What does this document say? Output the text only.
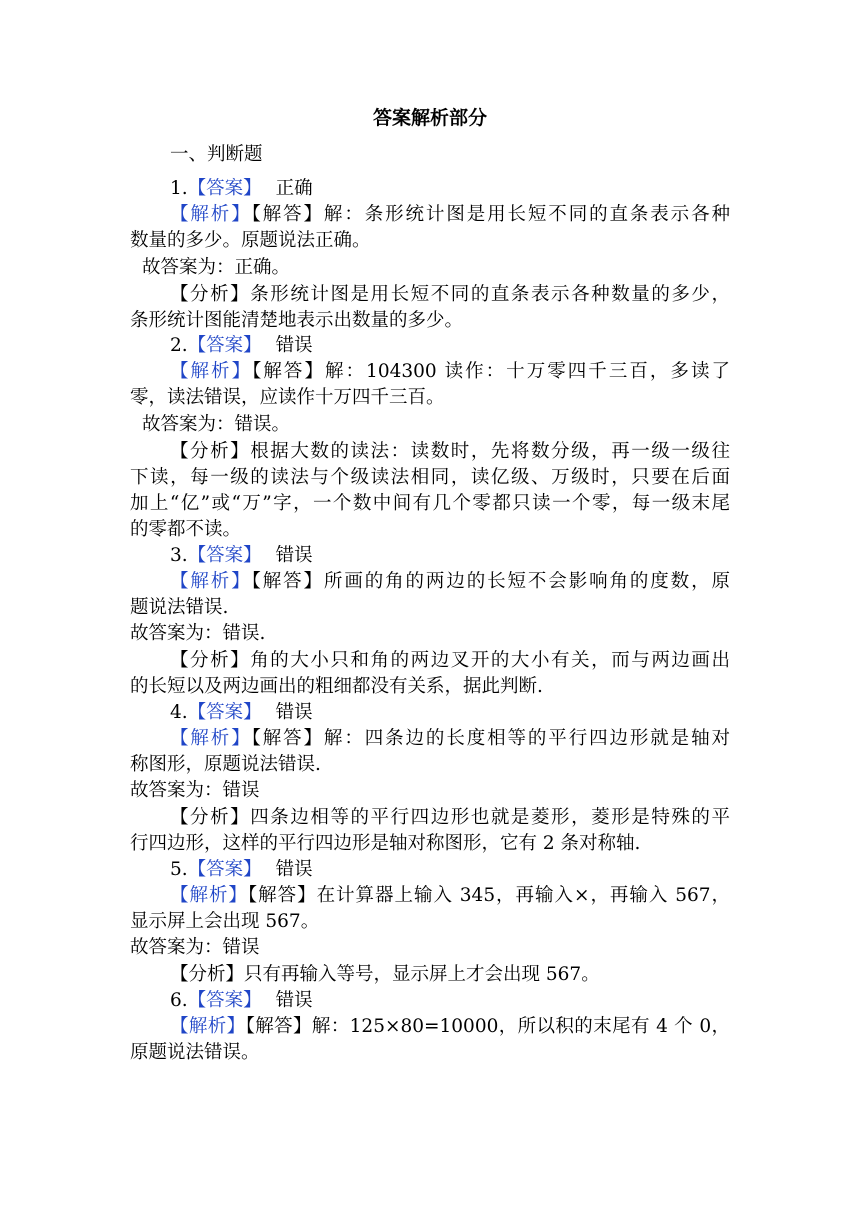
答案解析部分
一、判断题
1.【答案】 正确
【解析】【解答】解：条形统计图是用长短不同的直条表示各种
数量的多少。原题说法正确。
故答案为：正确。
【分析】条形统计图是用长短不同的直条表示各种数量的多少，
条形统计图能清楚地表示出数量的多少。
2.【答案】 错误
【解析】【解答】解：104300 读作：十万零四千三百，多读了
零，读法错误，应读作十万四千三百。
故答案为：错误。
【分析】根据大数的读法：读数时，先将数分级，再一级一级往
下读，每一级的读法与个级读法相同，读亿级、万级时，只要在后面
加上“亿”或“万”字，一个数中间有几个零都只读一个零，每一级末尾
的零都不读。
3.【答案】 错误
【解析】【解答】所画的角的两边的长短不会影响角的度数，原
题说法错误.
故答案为：错误.
【分析】角的大小只和角的两边叉开的大小有关，而与两边画出
的长短以及两边画出的粗细都没有关系，据此判断.
4.【答案】 错误
【解析】【解答】解：四条边的长度相等的平行四边形就是轴对
称图形，原题说法错误.
故答案为：错误
【分析】四条边相等的平行四边形也就是菱形，菱形是特殊的平
行四边形，这样的平行四边形是轴对称图形，它有 2 条对称轴.
5.【答案】 错误
【解析】【解答】在计算器上输入 345，再输入×，再输入 567，
显示屏上会出现 567。
故答案为：错误
【分析】只有再输入等号，显示屏上才会出现 567。
6.【答案】 错误
【解析】【解答】解：125×80=10000，所以积的末尾有 4 个 0，
原题说法错误。
